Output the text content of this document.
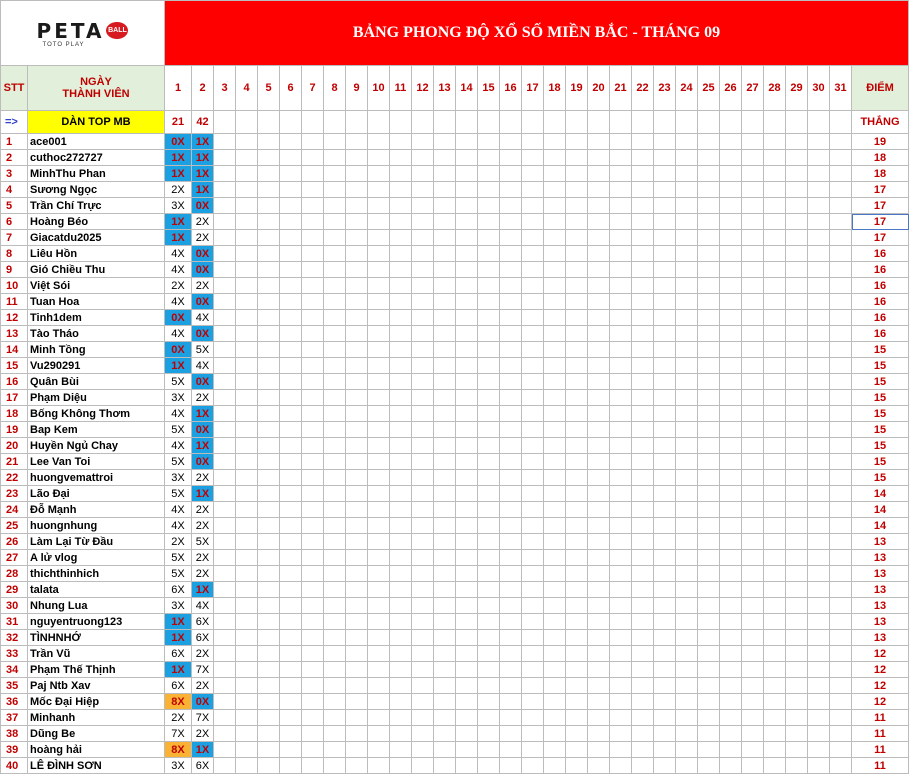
PETA BALL
TOTO PLAY		BẢNG PHONG ĐỘ XỔ SỐ MIỀN BẮC - THÁNG 09																															
STT	NGÀY
THÀNH VIÊN	1	2	3	4	5	6	7	8	9	10	11	12	13	14	15	16	17	18	19	20	21	22	23	24	25	26	27	28	29	30	31	ĐIỂM
=>	DÀN TOP MB	21	42																														THẮNG
1	ace001	0X	1X																														19
2	cuthoc272727	1X	1X																														18
3	MinhThu Phan	1X	1X																														18
4	Sương Ngọc	2X	1X																														17
5	Trần Chí Trực	3X	0X																														17
6	Hoàng Béo	1X	2X																														17
7	Giacatdu2025	1X	2X																														17
8	Liêu Hồn	4X	0X																														16
9	Gió Chiều Thu	4X	0X																														16
10	Việt Sói	2X	2X																														16
11	Tuan Hoa	4X	0X																														16
12	Tinh1dem	0X	4X																														16
13	Tào Tháo	4X	0X																														16
14	Minh Tồng	0X	5X																														15
15	Vu290291	1X	4X																														15
16	Quân Bùi	5X	0X																														15
17	Phạm Diệu	3X	2X																														15
18	Bống Không Thơm	4X	1X																														15
19	Bap Kem	5X	0X																														15
20	Huyền Ngủ Chay	4X	1X																														15
21	Lee Van Toi	5X	0X																														15
22	huongvemattroi	3X	2X																														15
23	Lão Đại	5X	1X																														14
24	Đỗ Mạnh	4X	2X																														14
25	huongnhung	4X	2X																														14
26	Làm Lại Từ Đầu	2X	5X																														13
27	A lử vlog	5X	2X																														13
28	thichthinhich	5X	2X																														13
29	talata	6X	1X																														13
30	Nhung Lua	3X	4X																														13
31	nguyentruong123	1X	6X																														13
32	TÌNHNHỚ	1X	6X																														13
33	Trần Vũ	6X	2X																														12
34	Phạm Thế Thịnh	1X	7X																														12
35	Paj Ntb Xav	6X	2X																														12
36	Mốc Đại Hiệp	8X	0X																														12
37	Minhanh	2X	7X																														11
38	Dũng Be	7X	2X																														11
39	hoàng hải	8X	1X																														11
40	LÊ ĐÌNH SƠN	3X	6X																														11
